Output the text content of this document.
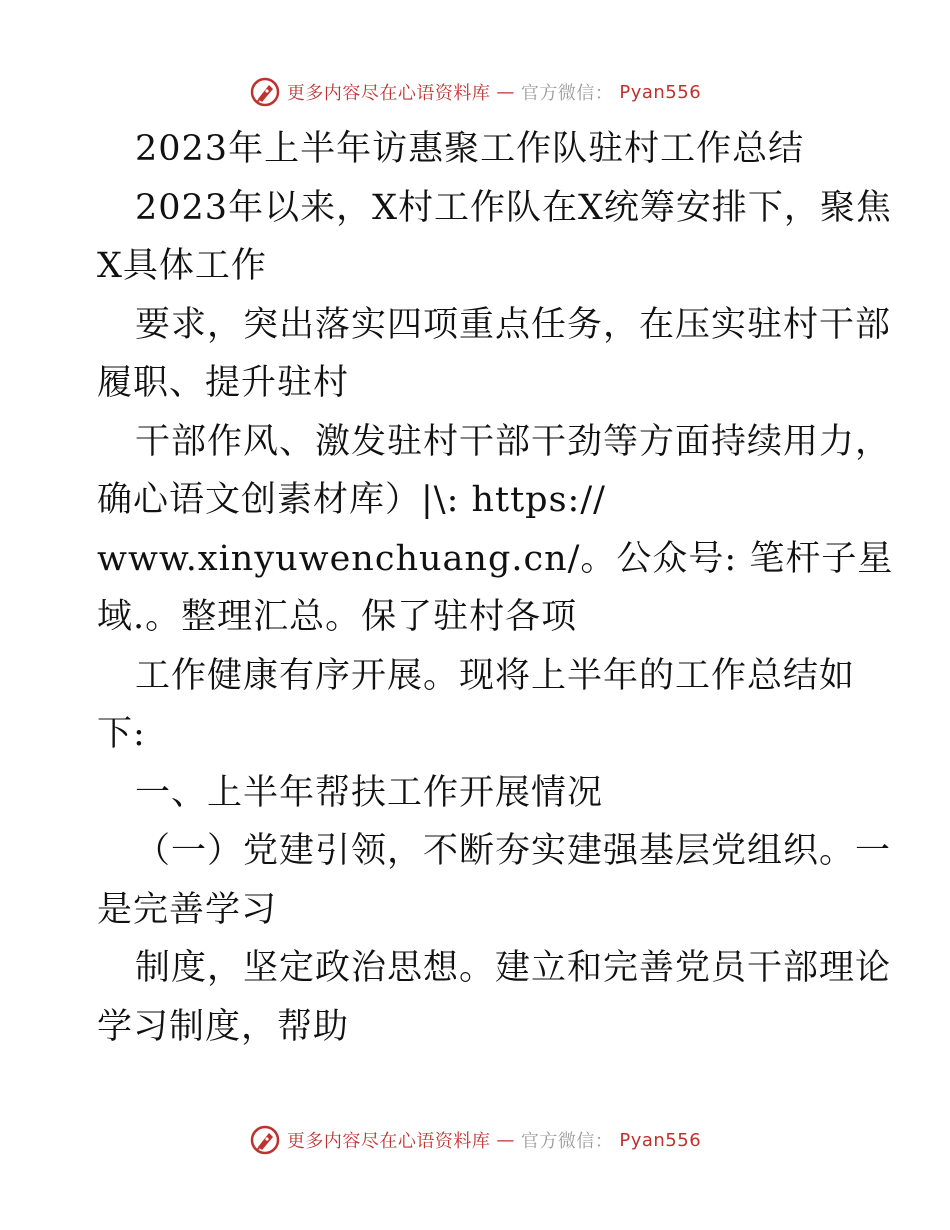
更多内容尽在心语资料库 — 官方微信： Pyan556
2023年上半年访惠聚工作队驻村工作总结
2023年以来，X村工作队在X统筹安排下，聚焦
X具体工作
要求，突出落实四项重点任务，在压实驻村干部
履职、提升驻村
干部作风、激发驻村干部干劲等方面持续用力，
确心语文创素材库）|\: https://
www.xinyuwenchuang.cn/。公众号: 笔杆子星
域.。整理汇总。保了驻村各项
工作健康有序开展。现将上半年的工作总结如
下:
一、上半年帮扶工作开展情况
（一）党建引领，不断夯实建强基层党组织。一
是完善学习
制度，坚定政治思想。建立和完善党员干部理论
学习制度，帮助
更多内容尽在心语资料库 — 官方微信： Pyan556
